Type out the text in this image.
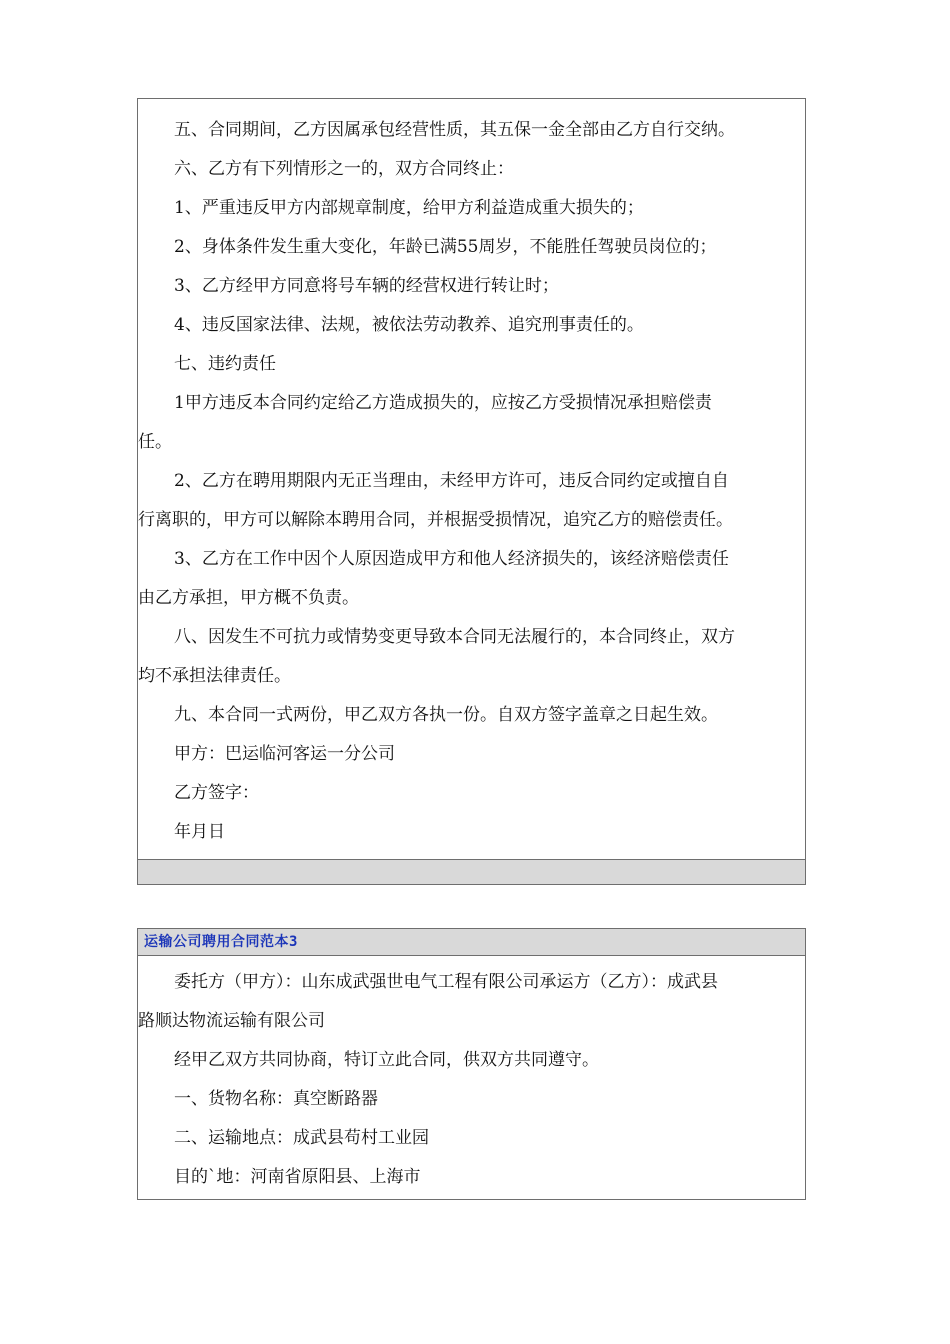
五、合同期间，乙方因属承包经营性质，其五保一金全部由乙方自行交纳。

六、乙方有下列情形之一的，双方合同终止：

1、严重违反甲方内部规章制度，给甲方利益造成重大损失的；

2、身体条件发生重大变化，年龄已满55周岁，不能胜任驾驶员岗位的；

3、乙方经甲方同意将号车辆的经营权进行转让时；

4、违反国家法律、法规，被依法劳动教养、追究刑事责任的。

七、违约责任

1甲方违反本合同约定给乙方造成损失的，应按乙方受损情况承担赔偿责

任。

2、乙方在聘用期限内无正当理由，未经甲方许可，违反合同约定或擅自自

行离职的，甲方可以解除本聘用合同，并根据受损情况，追究乙方的赔偿责任。

3、乙方在工作中因个人原因造成甲方和他人经济损失的，该经济赔偿责任

由乙方承担，甲方概不负责。

八、因发生不可抗力或情势变更导致本合同无法履行的，本合同终止，双方

均不承担法律责任。

九、本合同一式两份，甲乙双方各执一份。自双方签字盖章之日起生效。

甲方：巴运临河客运一分公司

乙方签字：

年月日

运输公司聘用合同范本3

委托方（甲方）：山东成武强世电气工程有限公司承运方（乙方）：成武县

路顺达物流运输有限公司

经甲乙双方共同协商，特订立此合同，供双方共同遵守。

一、货物名称：真空断路器

二、运输地点：成武县苟村工业园

目的`地：河南省原阳县、上海市
